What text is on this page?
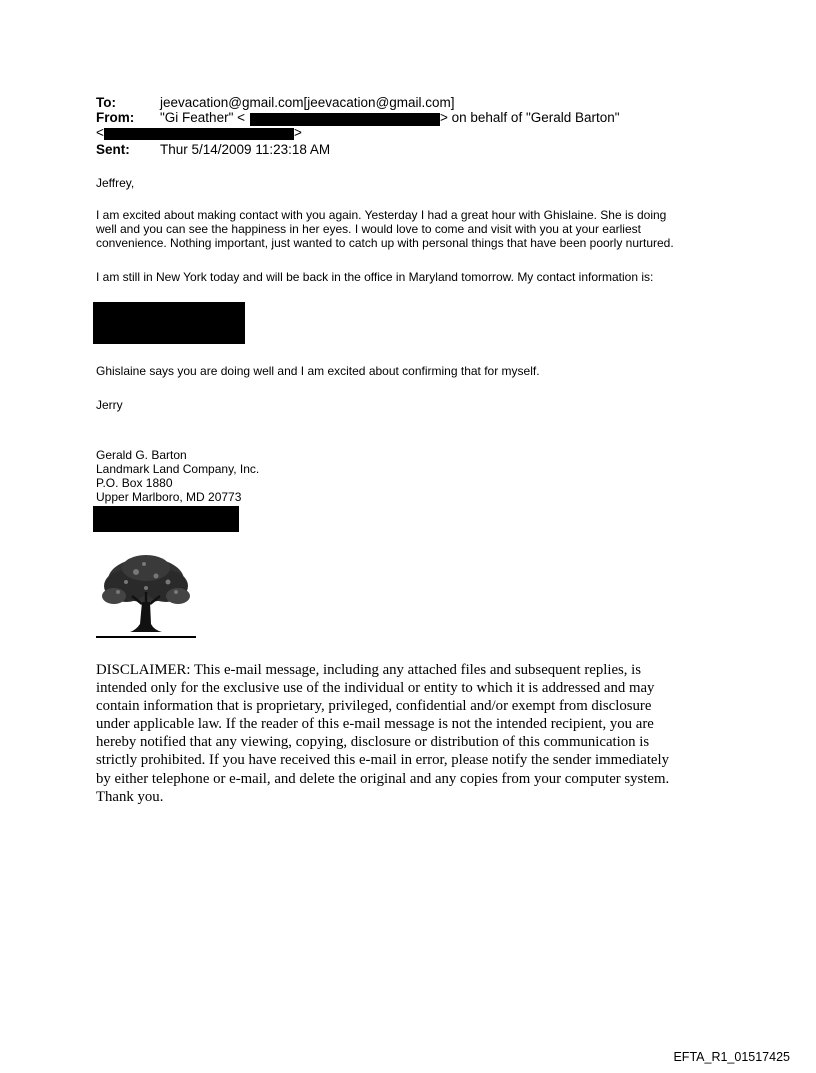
To:	jeevacation@gmail.com[jeevacation@gmail.com]
From: "Gi Feather" <	> on behalf of "Gerald Barton"
<	>
Sent: Thur 5/14/2009 11:23:18 AM
Jeffrey,
I am excited about making contact with you again. Yesterday I had a great hour with Ghislaine. She is doing
well and you can see the happiness in her eyes. I would love to come and visit with you at your earliest
convenience. Nothing important, just wanted to catch up with personal things that have been poorly nurtured.
I am still in New York today and will be back in the office in Maryland tomorrow. My contact information is:
Ghislaine says you are doing well and I am excited about confirming that for myself.
Jerry
Gerald G. Barton
Landmark Land Company, Inc.
P.O. Box 1880
Upper Marlboro, MD 20773
DISCLAIMER: This e-mail message, including any attached files and subsequent replies, is
intended only for the exclusive use of the individual or entity to which it is addressed and may
contain information that is proprietary, privileged, confidential and/or exempt from disclosure
under applicable law. If the reader of this e-mail message is not the intended recipient, you are
hereby notified that any viewing, copying, disclosure or distribution of this communication is
strictly prohibited. If you have received this e-mail in error, please notify the sender immediately
by either telephone or e-mail, and delete the original and any copies from your computer system.
Thank you.
EFTA_R1_01517425
